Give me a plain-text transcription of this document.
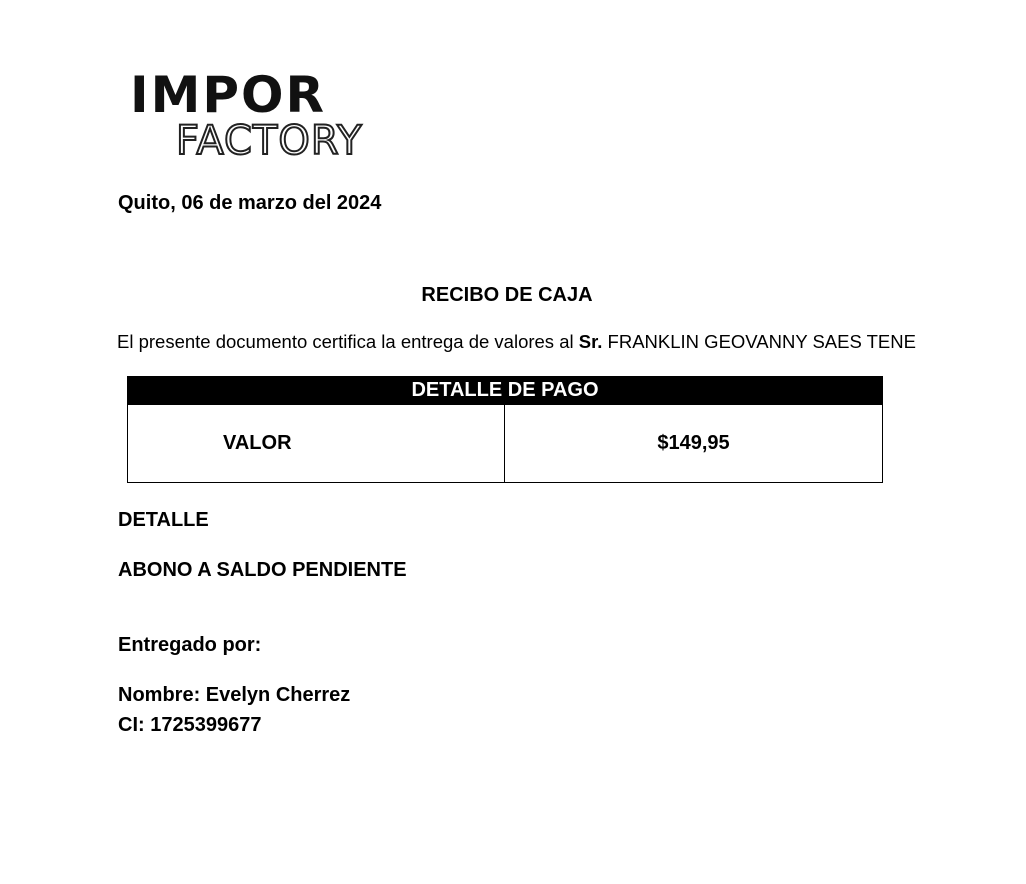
IMPOR
FACTORY
Quito, 06 de marzo del 2024
RECIBO DE CAJA
El presente documento certifica la entrega de valores al Sr. FRANKLIN GEOVANNY SAES TENE
DETALLE DE PAGO
VALOR	$149,95
DETALLE
ABONO A SALDO PENDIENTE
Entregado por:
Nombre: Evelyn Cherrez
CI: 1725399677
